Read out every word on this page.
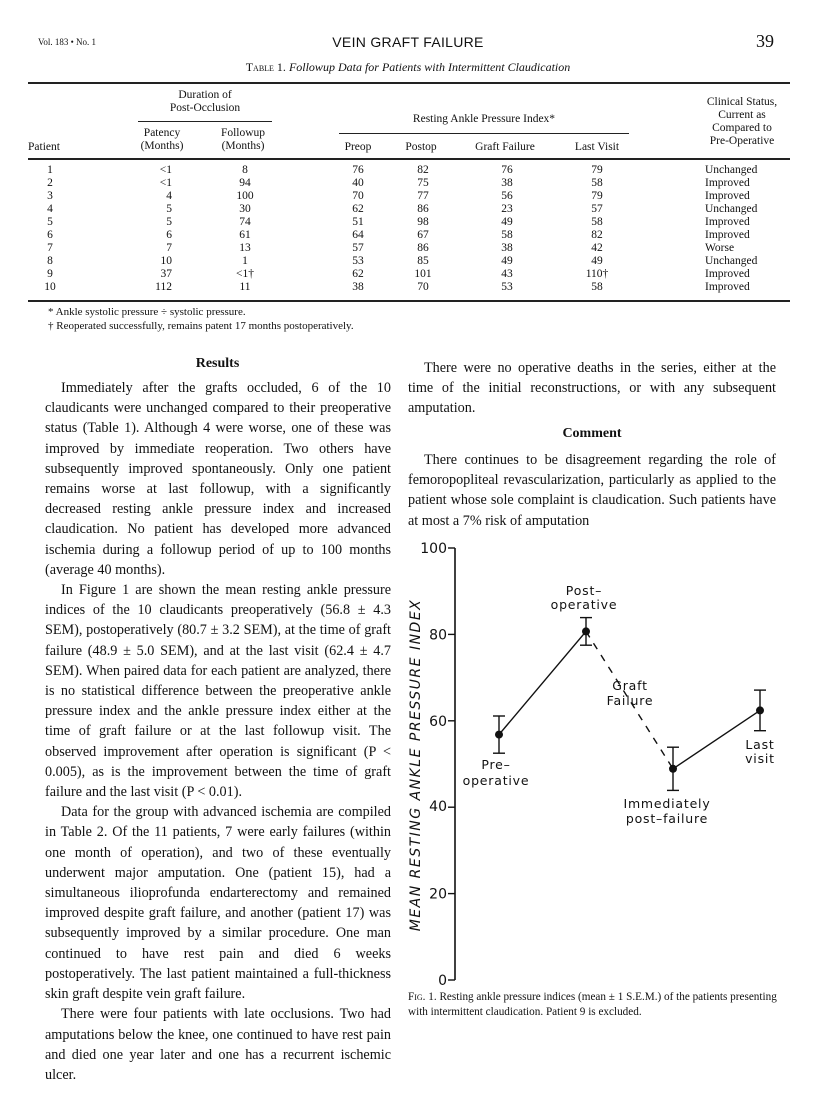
Vol. 183 • No. 1	VEIN GRAFT FAILURE	39
Table 1. Followup Data for Patients with Intermittent Claudication
Duration of
Post-Occlusion
Patient
Patency
(Months)
Followup
(Months)
Resting Ankle Pressure Index*
Preop	Postop	Graft Failure	Last Visit
Clinical Status,
Current as
Compared to
Pre-Operative
1	<1	8	76	82	76	79	Unchanged
2	<1	94	40	75	38	58	Improved
3	4	100	70	77	56	79	Improved
4	5	30	62	86	23	57	Unchanged
5	5	74	51	98	49	58	Improved
6	6	61	64	67	58	82	Improved
7	7	13	57	86	38	42	Worse
8	10	1	53	85	49	49	Unchanged
9	37	<1†	62	101	43	110†	Improved
10	112	11	38	70	53	58	Improved
* Ankle systolic pressure ÷ systolic pressure.
† Reoperated successfully, remains patent 17 months postoperatively.
Results

Immediately after the grafts occluded, 6 of the 10 claudicants were unchanged compared to their preoperative status (Table 1). Although 4 were worse, one of these was improved by immediate reoperation. Two others have subsequently improved spontaneously. Only one patient remains worse at last followup, with a significantly decreased resting ankle pressure index and increased claudication. No patient has developed more advanced ischemia during a followup period of up to 100 months (average 40 months).

In Figure 1 are shown the mean resting ankle pressure indices of the 10 claudicants preoperatively (56.8 ± 4.3 SEM), postoperatively (80.7 ± 3.2 SEM), at the time of graft failure (48.9 ± 5.0 SEM), and at the last visit (62.4 ± 4.7 SEM). When paired data for each patient are analyzed, there is no statistical difference between the preoperative ankle pressure index and the ankle pressure index either at the time of graft failure or at the last followup visit. The observed improvement after operation is significant (P < 0.005), as is the improvement between the time of graft failure and the last visit (P < 0.01).

Data for the group with advanced ischemia are compiled in Table 2. Of the 11 patients, 7 were early failures (within one month of operation), and two of these eventually underwent major amputation. One (patient 15), had a simultaneous ilioprofunda endarterectomy and remained improved despite graft failure, and another (patient 17) was subsequently improved by a similar procedure. One man continued to have rest pain and died 6 weeks postoperatively. The last patient maintained a full-thickness skin graft despite vein graft failure.

There were four patients with late occlusions. Two had amputations below the knee, one continued to have rest pain and died one year later and one has a recurrent ischemic ulcer.

There were no operative deaths in the series, either at the time of the initial reconstructions, or with any subsequent amputation.

Comment

There continues to be disagreement regarding the role of femoropopliteal revascularization, particularly as applied to the patient whose sole complaint is claudication. Such patients have at most a 7% risk of amputation

0
20
40
60
80
100
MEAN RESTING ANKLE PRESSURE INDEX	Pre–
operative
Post–
operative
Graft
Failure
Immediately
post–failure
Last
visit
Fig. 1. Resting ankle pressure indices (mean ± 1 S.E.M.) of the patients presenting with intermittent claudication. Patient 9 is excluded.
